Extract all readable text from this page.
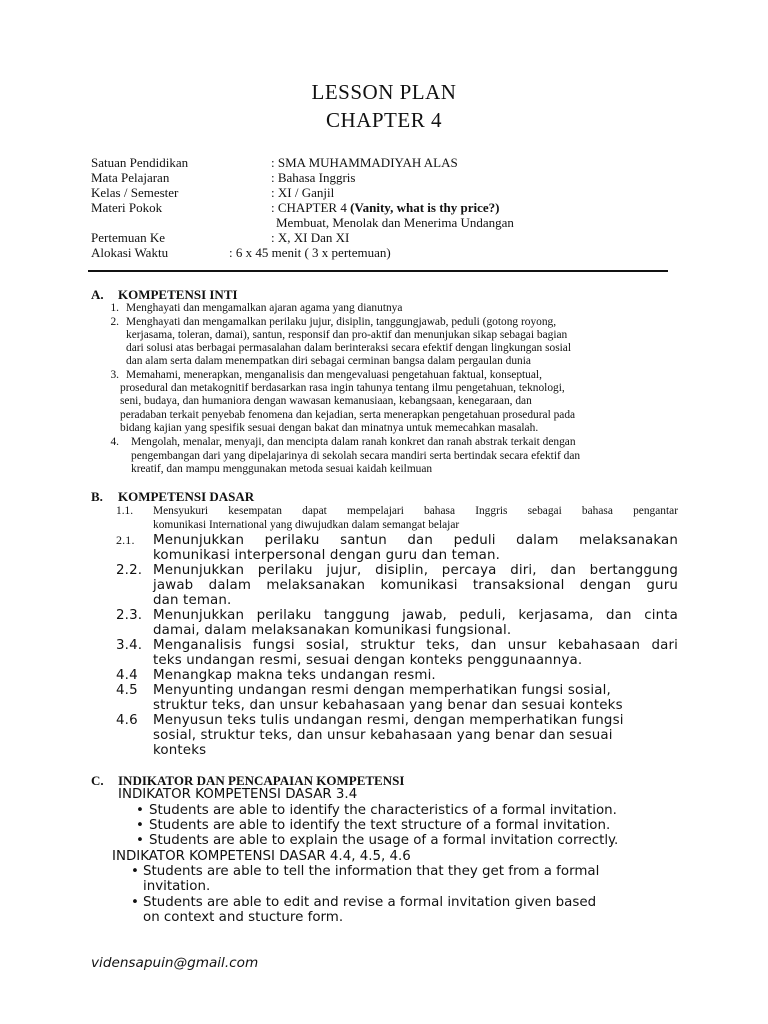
LESSON PLAN
CHAPTER 4
Satuan Pendidikan	: SMA MUHAMMADIYAH ALAS
Mata Pelajaran	: Bahasa Inggris
Kelas / Semester	: XI / Ganjil
Materi Pokok	: CHAPTER 4 (Vanity, what is thy price?)
Membuat, Menolak dan Menerima Undangan
Pertemuan Ke	: X, XI Dan XI
Alokasi Waktu	: 6 x 45 menit ( 3 x pertemuan)
A. KOMPETENSI INTI
1. Menghayati dan mengamalkan ajaran agama yang dianutnya
2. Menghayati dan mengamalkan perilaku jujur, disiplin, tanggungjawab, peduli (gotong royong,
kerjasama, toleran, damai), santun, responsif dan pro-aktif dan menunjukan sikap sebagai bagian
dari solusi atas berbagai permasalahan dalam berinteraksi secara efektif dengan lingkungan sosial
dan alam serta dalam menempatkan diri sebagai cerminan bangsa dalam pergaulan dunia
3. Memahami, menerapkan, menganalisis dan mengevaluasi pengetahuan faktual, konseptual,
prosedural dan metakognitif berdasarkan rasa ingin tahunya tentang ilmu pengetahuan, teknologi,
seni, budaya, dan humaniora dengan wawasan kemanusiaan, kebangsaan, kenegaraan, dan
peradaban terkait penyebab fenomena dan kejadian, serta menerapkan pengetahuan prosedural pada
bidang kajian yang spesifik sesuai dengan bakat dan minatnya untuk memecahkan masalah.
4. Mengolah, menalar, menyaji, dan mencipta dalam ranah konkret dan ranah abstrak terkait dengan
pengembangan dari yang dipelajarinya di sekolah secara mandiri serta bertindak secara efektif dan
kreatif, dan mampu menggunakan metoda sesuai kaidah keilmuan
B. KOMPETENSI DASAR
1.1. Mensyukuri kesempatan dapat mempelajari bahasa Inggris sebagai bahasa pengantar
komunikasi International yang diwujudkan dalam semangat belajar
2.1. Menunjukkan perilaku santun dan peduli dalam melaksanakan
komunikasi interpersonal dengan guru dan teman.
2.2. Menunjukkan perilaku jujur, disiplin, percaya diri, dan bertanggung
jawab dalam melaksanakan komunikasi transaksional dengan guru
dan teman.
2.3. Menunjukkan perilaku tanggung jawab, peduli, kerjasama, dan cinta
damai, dalam melaksanakan komunikasi fungsional.
3.4. Menganalisis fungsi sosial, struktur teks, dan unsur kebahasaan dari
teks undangan resmi, sesuai dengan konteks penggunaannya.
4.4 Menangkap makna teks undangan resmi.
4.5 Menyunting undangan resmi dengan memperhatikan fungsi sosial,
struktur teks, dan unsur kebahasaan yang benar dan sesuai konteks
4.6 Menyusun teks tulis undangan resmi, dengan memperhatikan fungsi
sosial, struktur teks, dan unsur kebahasaan yang benar dan sesuai
konteks
C. INDIKATOR DAN PENCAPAIAN KOMPETENSI
INDIKATOR KOMPETENSI DASAR 3.4
• Students are able to identify the characteristics of a formal invitation.
• Students are able to identify the text structure of a formal invitation.
• Students are able to explain the usage of a formal invitation correctly.
INDIKATOR KOMPETENSI DASAR 4.4, 4.5, 4.6
• Students are able to tell the information that they get from a formal
invitation.
• Students are able to edit and revise a formal invitation given based
on context and stucture form.
vidensapuin@gmail.com
